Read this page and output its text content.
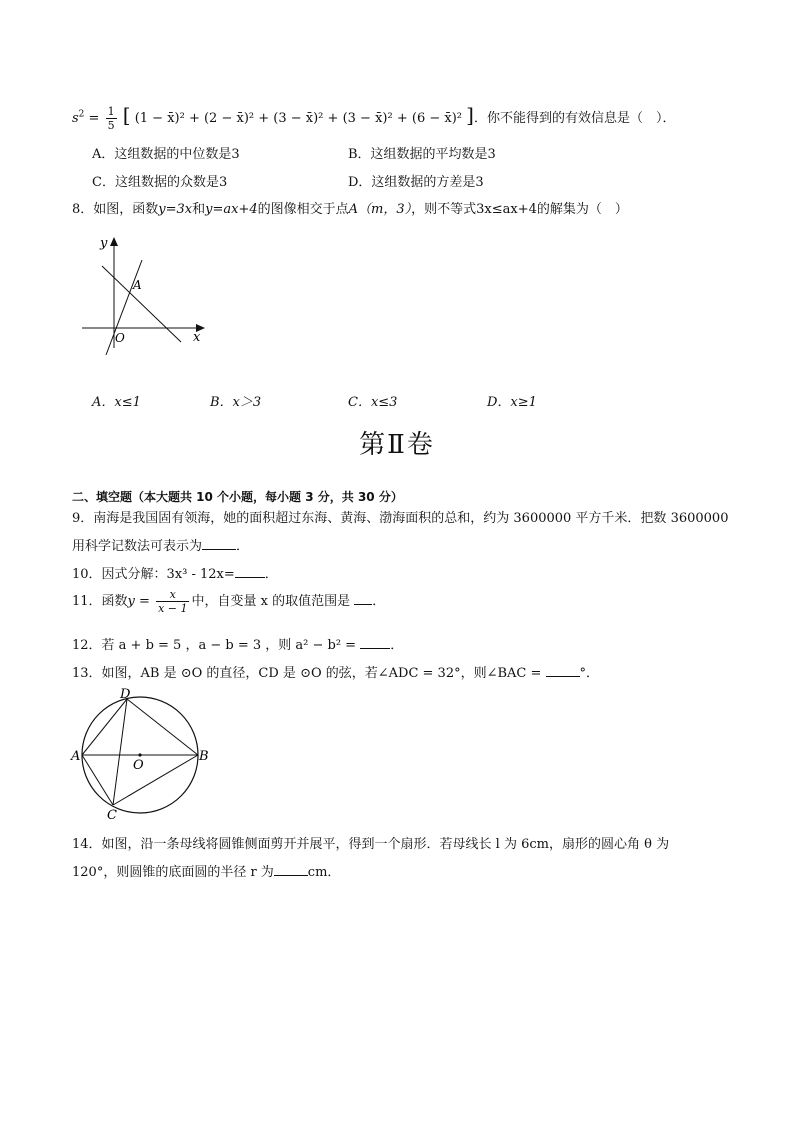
$s^2 = \frac{1}{5}$ [ (1 − x̄)² + (2 − x̄)² + (3 − x̄)² + (3 − x̄)² + (6 − x̄)² ]．你不能得到的有效信息是（　）．
A．这组数据的中位数是3	B．这组数据的平均数是3
C．这组数据的众数是3	D．这组数据的方差是3
8．如图，函数y=3x和y=ax+4的图像相交于点A（m，3），则不等式3x≤ax+4的解集为（　）
y
x
O
A
A．x≤1	B．x＞3	C．x≤3	D．x≥1
第Ⅱ卷
二、填空题（本大题共 10 个小题，每小题 3 分，共 30 分）
9．南海是我国固有领海，她的面积超过东海、黄海、渤海面积的总和，约为 3600000 平方千米．把数 3600000
用科学记数法可表示为	．
10．因式分解：3x³ - 12x= ．
11．函数$y = \frac{x}{x - 1}$ 中，自变量 x 的取值范围是 ．
12．若 a + b = 5 ，a − b = 3 ，则 a² − b² =	．
13．如图，AB 是 ⊙O 的直径，CD 是 ⊙O 的弦，若∠ADC = 32°，则∠BAC =	°．
D
A	B
O
C
14．如图，沿一条母线将圆锥侧面剪开并展平，得到一个扇形．若母线长 l 为 6cm，扇形的圆心角 θ 为
120°，则圆锥的底面圆的半径 r 为	cm．
